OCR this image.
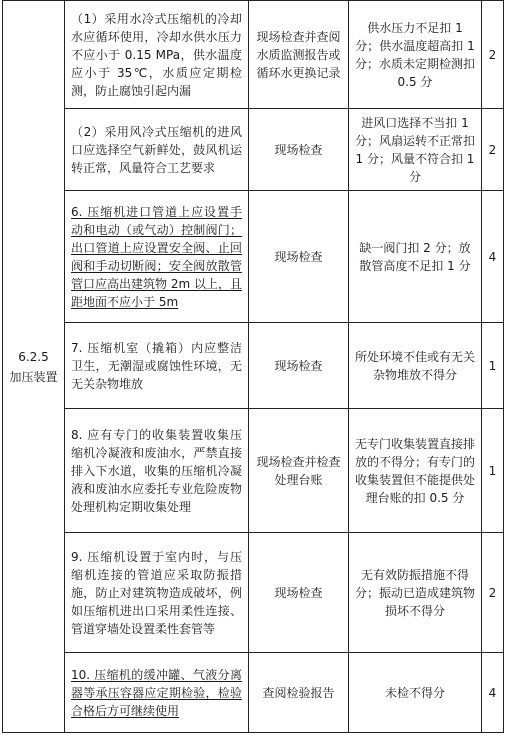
6.2.5
加压装置	（1）采用水冷式压缩机的冷却水应循环使用，冷却水供水压力不应小于 0.15 MPa，供水温度应小于 35℃，水质应定期检测，防止腐蚀引起内漏	现场检查并查阅水质监测报告或循环水更换记录	供水压力不足扣 1 分；供水温度超高扣 1 分；水质未定期检测扣 0.5 分	2
	（2）采用风冷式压缩机的进风口应选择空气新鲜处，鼓风机运转正常，风量符合工艺要求	现场检查	进风口选择不当扣 1 分；风扇运转不正常扣 1 分；风量不符合扣 1 分	2
	6. 压缩机进口管道上应设置手动和电动（或气动）控制阀门；出口管道上应设置安全阀、止回阀和手动切断阀；安全阀放散管管口应高出建筑物 2m 以上，且距地面不应小于 5m	现场检查	缺一阀门扣 2 分；放散管高度不足扣 1 分	4
	7. 压缩机室（撬箱）内应整洁卫生，无潮湿或腐蚀性环境，无无关杂物堆放	现场检查	所处环境不佳或有无关杂物堆放不得分	1
	8. 应有专门的收集装置收集压缩机冷凝液和废油水，严禁直接排入下水道，收集的压缩机冷凝液和废油水应委托专业危险废物处理机构定期收集处理	现场检查并检查处理台账	无专门收集装置直接排放的不得分；有专门的收集装置但不能提供处理台账的扣 0.5 分	1
	9. 压缩机设置于室内时，与压缩机连接的管道应采取防振措施，防止对建筑物造成破坏，例如压缩机进出口采用柔性连接、管道穿墙处设置柔性套管等	现场检查	无有效防振措施不得分；振动已造成建筑物损坏不得分	2
	10. 压缩机的缓冲罐、气液分离器等承压容器应定期检验，检验合格后方可继续使用	查阅检验报告	未检不得分	4
